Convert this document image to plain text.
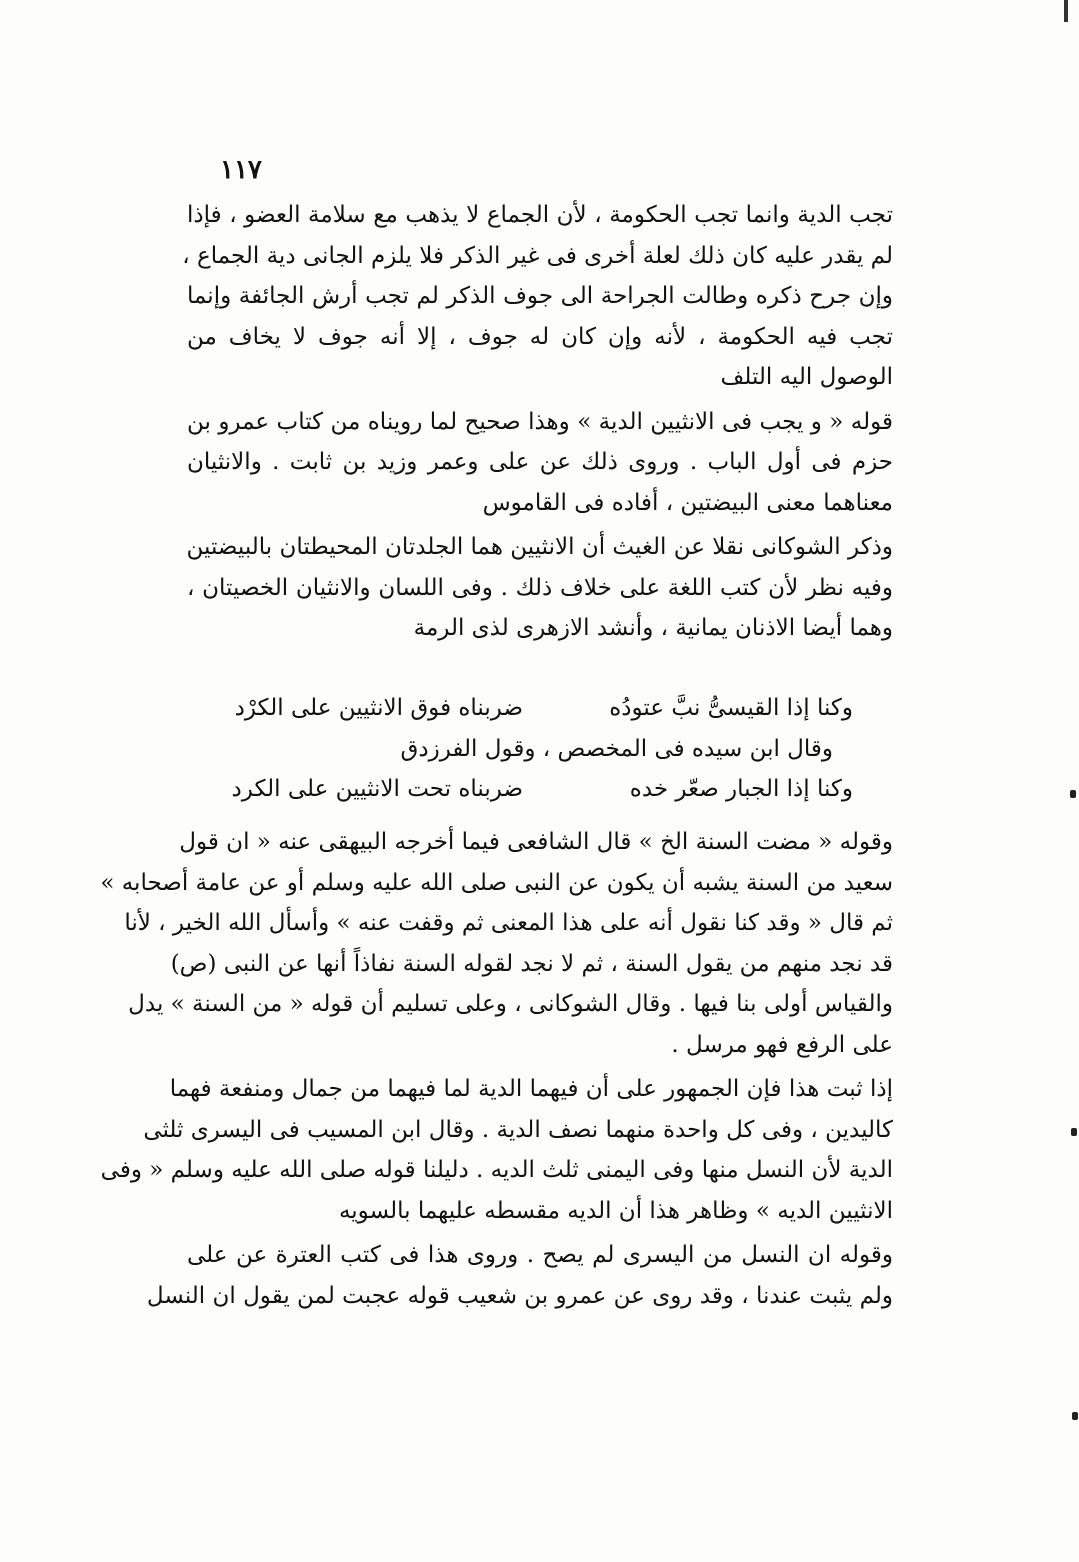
١١٧
تجب الدية وانما تجب الحكومة ، لأن الجماع لا يذهب مع سلامة العضو ، فإذا
لم يقدر عليه كان ذلك لعلة أخرى فى غير الذكر فلا يلزم الجانى دية الجماع ،
وإن جرح ذكره وطالت الجراحة الى جوف الذكر لم تجب أرش الجائفة وإنما
تجب فيه الحكومة ، لأنه وإن كان له جوف ، إلا أنه جوف لا يخاف من
الوصول اليه التلف
قوله « و يجب فى الانثيين الدية » وهذا صحيح لما رويناه من كتاب عمرو بن
حزم فى أول الباب . وروى ذلك عن على وعمر وزيد بن ثابت . والانثيان
معناهما معنى البيضتين ، أفاده فى القاموس
وذكر الشوكانى نقلا عن الغيث أن الانثيين هما الجلدتان المحيطتان بالبيضتين
وفيه نظر لأن كتب اللغة على خلاف ذلك . وفى اللسان والانثيان الخصيتان ،
وهما أيضا الاذنان يمانية ، وأنشد الازهرى لذى الرمة
وكنا إذا القيسىُّ نبَّ عتودُه
ضربناه فوق الانثيين على الكرْد
وقال ابن سيده فى المخصص ، وقول الفرزدق
وكنا إذا الجبار صعّر خده
ضربناه تحت الانثيين على الكرد
وقوله « مضت السنة الخ » قال الشافعى فيما أخرجه البيهقى عنه « ان قول
سعيد من السنة يشبه أن يكون عن النبى صلى الله عليه وسلم أو عن عامة أصحابه »
ثم قال « وقد كنا نقول أنه على هذا المعنى ثم وقفت عنه » وأسأل الله الخير ، لأنا
قد نجد منهم من يقول السنة ، ثم لا نجد لقوله السنة نفاذاً أنها عن النبى (ص)
والقياس أولى بنا فيها . وقال الشوكانى ، وعلى تسليم أن قوله « من السنة » يدل
على الرفع فهو مرسل .
إذا ثبت هذا فإن الجمهور على أن فيهما الدية لما فيهما من جمال ومنفعة فهما
كاليدين ، وفى كل واحدة منهما نصف الدية . وقال ابن المسيب فى اليسرى ثلثى
الدية لأن النسل منها وفى اليمنى ثلث الديه . دليلنا قوله صلى الله عليه وسلم « وفى
الانثيين الديه » وظاهر هذا أن الديه مقسطه عليهما بالسويه
وقوله ان النسل من اليسرى لم يصح . وروى هذا فى كتب العترة عن على
ولم يثبت عندنا ، وقد روى عن عمرو بن شعيب قوله عجبت لمن يقول ان النسل
